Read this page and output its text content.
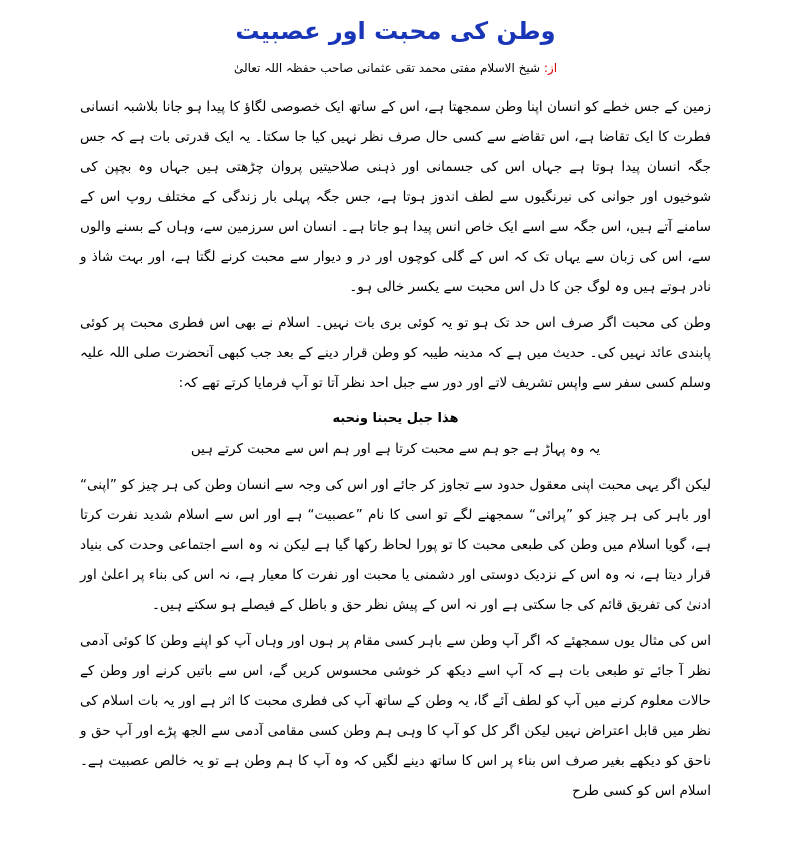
وطن کی محبت اور عصبیت
از: شیخ الاسلام مفتی محمد تقی عثمانی صاحب حفظہ اللہ تعالیٰ

زمین کے جس خطے کو انسان اپنا وطن سمجھتا ہے، اس کے ساتھ ایک خصوصی لگاؤ کا پیدا ہو جانا بلاشبہ انسانی فطرت کا ایک تقاضا ہے، اس تقاضے سے کسی حال صرف نظر نہیں کیا جا سکتا۔ یہ ایک قدرتی بات ہے کہ جس جگہ انسان پیدا ہوتا ہے جہاں اس کی جسمانی اور ذہنی صلاحیتیں پروان چڑھتی ہیں جہاں وہ بچپن کی شوخیوں اور جوانی کی نیرنگیوں سے لطف اندوز ہوتا ہے، جس جگہ پہلی بار زندگی کے مختلف روپ اس کے سامنے آتے ہیں، اس جگہ سے اسے ایک خاص انس پیدا ہو جاتا ہے۔ انسان اس سرزمین سے، وہاں کے بسنے والوں سے، اس کی زبان سے یہاں تک کہ اس کے گلی کوچوں اور در و دیوار سے محبت کرنے لگتا ہے، اور بہت شاذ و نادر ہوتے ہیں وہ لوگ جن کا دل اس محبت سے یکسر خالی ہو۔

وطن کی محبت اگر صرف اس حد تک ہو تو یہ کوئی بری بات نہیں۔ اسلام نے بھی اس فطری محبت پر کوئی پابندی عائد نہیں کی۔ حدیث میں ہے کہ مدینہ طیبہ کو وطن قرار دینے کے بعد جب کبھی آنحضرت صلی اللہ علیہ وسلم کسی سفر سے واپس تشریف لاتے اور دور سے جبل احد نظر آتا تو آپ فرمایا کرتے تھے کہ:

هذا جبل يحبنا ونحبه

یہ وہ پہاڑ ہے جو ہم سے محبت کرتا ہے اور ہم اس سے محبت کرتے ہیں

لیکن اگر یہی محبت اپنی معقول حدود سے تجاوز کر جائے اور اس کی وجہ سے انسان وطن کی ہر چیز کو ”اپنی“ اور باہر کی ہر چیز کو ”پرائی“ سمجھنے لگے تو اسی کا نام ”عصبیت“ ہے اور اس سے اسلام شدید نفرت کرتا ہے، گویا اسلام میں وطن کی طبعی محبت کا تو پورا لحاظ رکھا گیا ہے لیکن نہ وہ اسے اجتماعی وحدت کی بنیاد قرار دیتا ہے، نہ وہ اس کے نزدیک دوستی اور دشمنی یا محبت اور نفرت کا معیار ہے، نہ اس کی بناء پر اعلیٰ اور ادنیٰ کی تفریق قائم کی جا سکتی ہے اور نہ اس کے پیش نظر حق و باطل کے فیصلے ہو سکتے ہیں۔

اس کی مثال یوں سمجھئے کہ اگر آپ وطن سے باہر کسی مقام پر ہوں اور وہاں آپ کو اپنے وطن کا کوئی آدمی نظر آ جائے تو طبعی بات ہے کہ آپ اسے دیکھ کر خوشی محسوس کریں گے، اس سے باتیں کرنے اور وطن کے حالات معلوم کرنے میں آپ کو لطف آئے گا، یہ وطن کے ساتھ آپ کی فطری محبت کا اثر ہے اور یہ بات اسلام کی نظر میں قابل اعتراض نہیں لیکن اگر کل کو آپ کا وہی ہم وطن کسی مقامی آدمی سے الجھ پڑے اور آپ حق و ناحق کو دیکھے بغیر صرف اس بناء پر اس کا ساتھ دینے لگیں کہ وہ آپ کا ہم وطن ہے تو یہ خالص عصبیت ہے۔ اسلام اس کو کسی طرح
